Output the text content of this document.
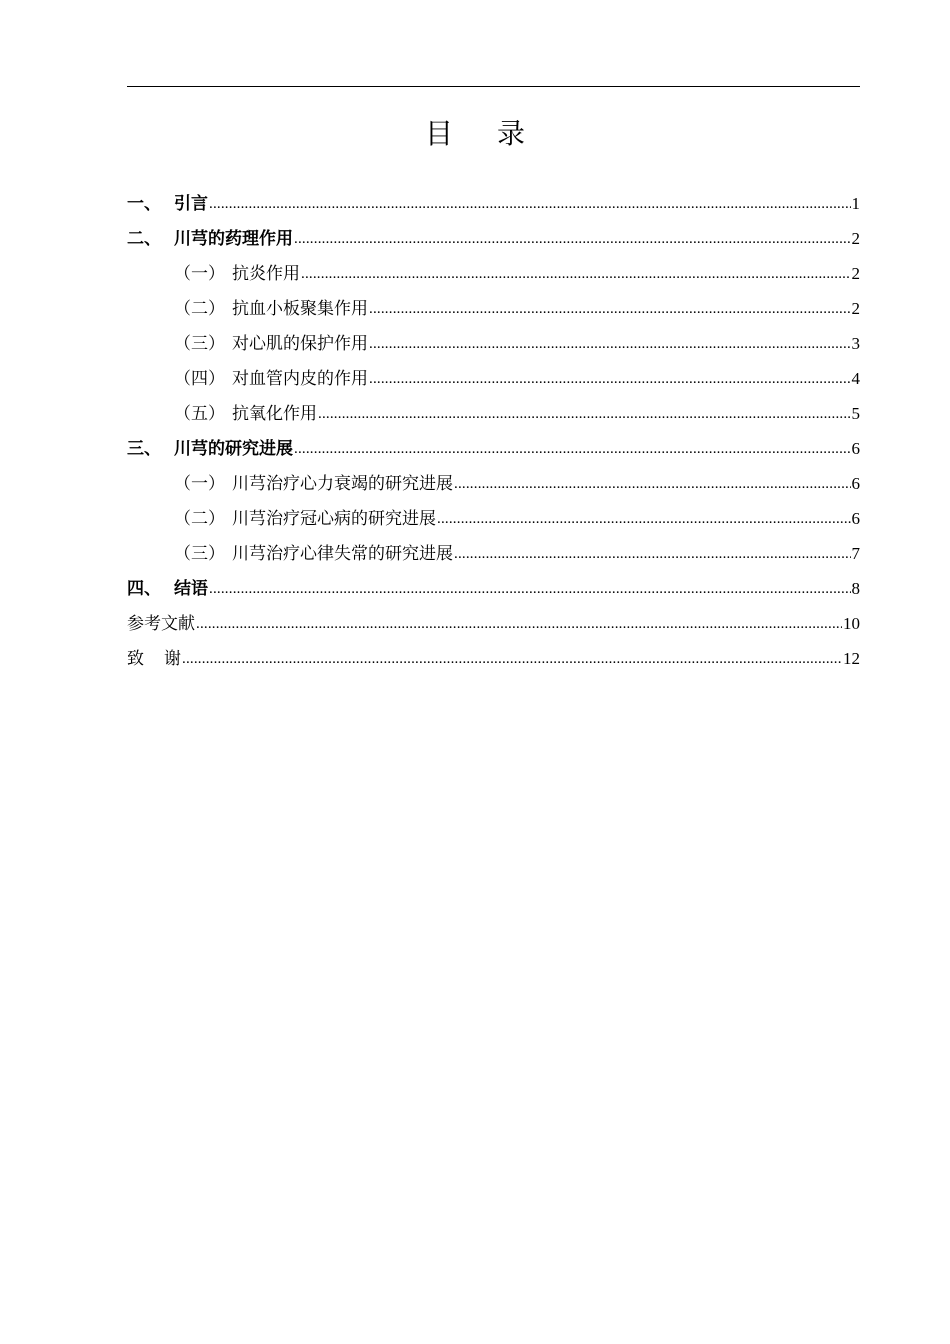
目 录
一、 引言 .....	1
二、 川芎的药理作用 .....	2
（一） 抗炎作用 .....	2
（二） 抗血小板聚集作用 .....	2
（三） 对心肌的保护作用 .....	3
（四） 对血管内皮的作用 .....	4
（五） 抗氧化作用 .....	5
三、 川芎的研究进展 .....	6
（一） 川芎治疗心力衰竭的研究进展 .....	6
（二） 川芎治疗冠心病的研究进展 .....	6
（三） 川芎治疗心律失常的研究进展 .....	7
四、 结语 .....	8
参考文献 .....	10
致 谢 .....	12
